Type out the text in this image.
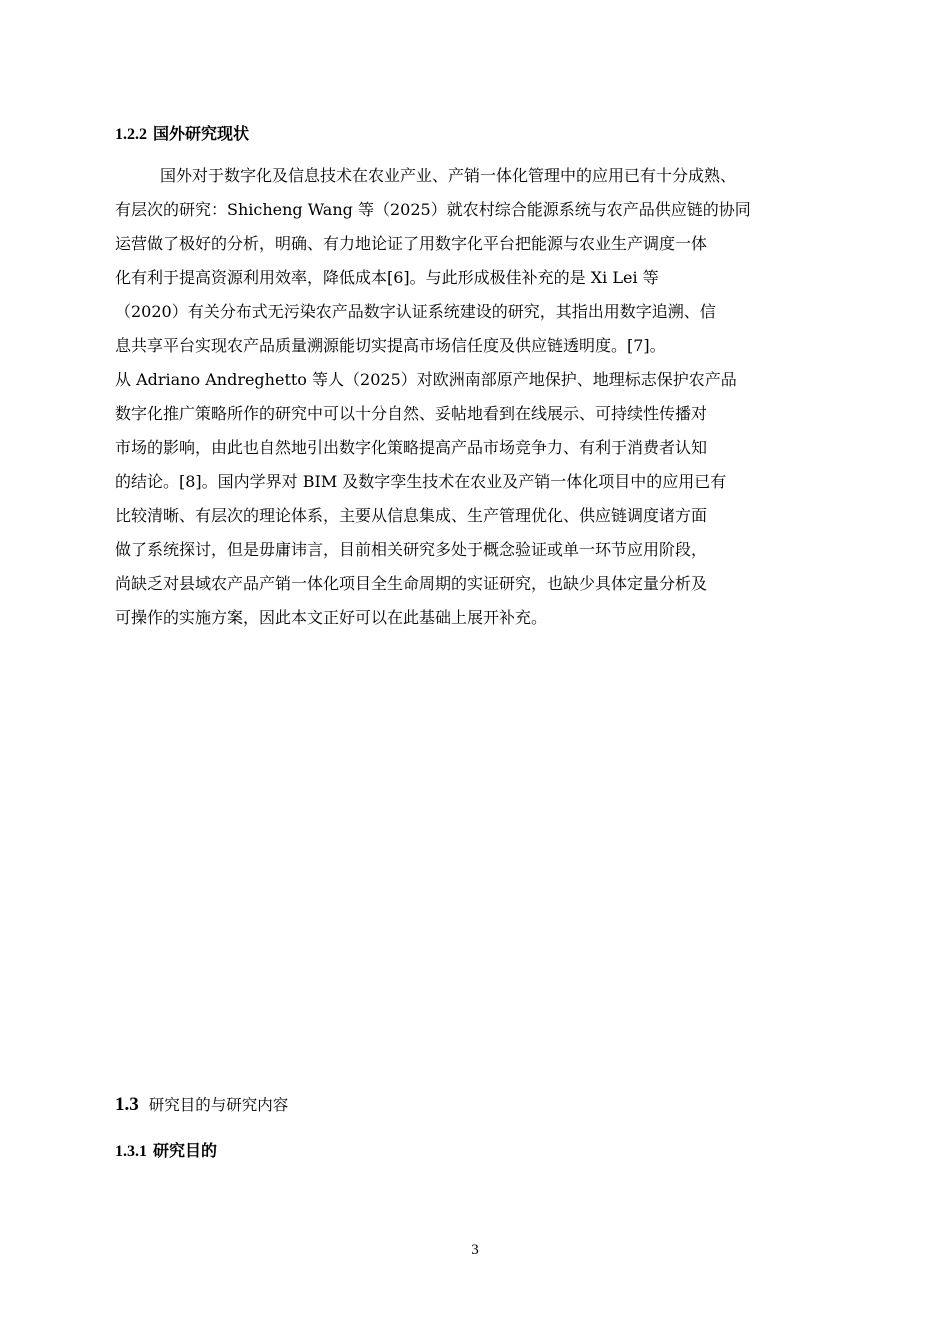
1.2.2 国外研究现状
国外对于数字化及信息技术在农业产业、产销一体化管理中的应用已有十分成熟、
有层次的研究：Shicheng Wang 等（2025）就农村综合能源系统与农产品供应链的协同
运营做了极好的分析，明确、有力地论证了用数字化平台把能源与农业生产调度一体
化有利于提高资源利用效率，降低成本[6]。与此形成极佳补充的是 Xi Lei 等
（2020）有关分布式无污染农产品数字认证系统建设的研究，其指出用数字追溯、信
息共享平台实现农产品质量溯源能切实提高市场信任度及供应链透明度。[7]。
从 Adriano Andreghetto 等人（2025）对欧洲南部原产地保护、地理标志保护农产品
数字化推广策略所作的研究中可以十分自然、妥帖地看到在线展示、可持续性传播对
市场的影响，由此也自然地引出数字化策略提高产品市场竞争力、有利于消费者认知
的结论。[8]。国内学界对 BIM 及数字孪生技术在农业及产销一体化项目中的应用已有
比较清晰、有层次的理论体系，主要从信息集成、生产管理优化、供应链调度诸方面
做了系统探讨，但是毋庸讳言，目前相关研究多处于概念验证或单一环节应用阶段，
尚缺乏对县域农产品产销一体化项目全生命周期的实证研究，也缺少具体定量分析及
可操作的实施方案，因此本文正好可以在此基础上展开补充。
1.3 研究目的与研究内容
1.3.1 研究目的
3
